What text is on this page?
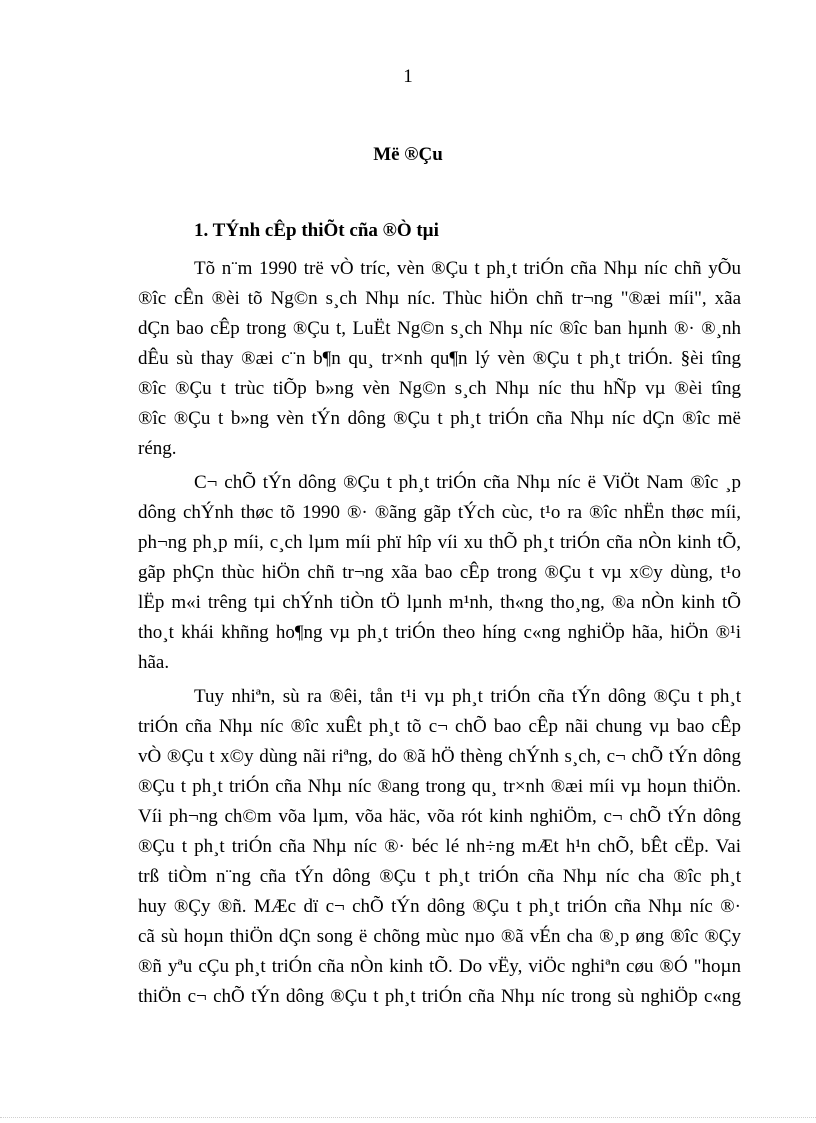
1
Më ®Çu
1. TÝnh cÊp thiÕt cña ®Ò tµi
Tõ n¨m 1990 trë vÒ tríc, vèn ®Çu t ph¸t triÓn cña Nhµ níc chñ yÕu
®îc cÊn ®èi tõ Ng©n s¸ch Nhµ níc. Thùc hiÖn chñ tr¬ng "®æi míi", xãa
dÇn bao cÊp trong ®Çu t, LuËt Ng©n s¸ch Nhµ níc ®îc ban hµnh ®· ®¸nh
dÊu sù thay ®æi c¨n b¶n qu¸ tr×nh qu¶n lý vèn ®Çu t ph¸t triÓn. §èi tîng
®îc ®Çu t trùc tiÕp b»ng vèn Ng©n s¸ch Nhµ níc thu hÑp vµ ®èi tîng
®îc ®Çu t b»ng vèn tÝn dông ®Çu t ph¸t triÓn cña Nhµ níc dÇn ®îc më
réng.
C¬ chÕ tÝn dông ®Çu t ph¸t triÓn cña Nhµ níc ë ViÖt Nam ®îc ¸p
dông chÝnh thøc tõ 1990 ®· ®ãng gãp tÝch cùc, t¹o ra ®îc nhËn thøc míi,
ph¬ng ph¸p míi, c¸ch lµm míi phï hîp víi xu thÕ ph¸t triÓn cña nÒn kinh tÕ,
gãp phÇn thùc hiÖn chñ tr¬ng xãa bao cÊp trong ®Çu t vµ x©y dùng, t¹o
lËp m«i trêng tµi chÝnh tiÒn tÖ lµnh m¹nh, th«ng tho¸ng, ®a nÒn kinh tÕ
tho¸t khái khñng ho¶ng vµ ph¸t triÓn theo híng c«ng nghiÖp hãa, hiÖn ®¹i
hãa.
Tuy nhiªn, sù ra ®êi, tån t¹i vµ ph¸t triÓn cña tÝn dông ®Çu t ph¸t
triÓn cña Nhµ níc ®îc xuÊt ph¸t tõ c¬ chÕ bao cÊp nãi chung vµ bao cÊp
vÒ ®Çu t x©y dùng nãi riªng, do ®ã hÖ thèng chÝnh s¸ch, c¬ chÕ tÝn dông
®Çu t ph¸t triÓn cña Nhµ níc ®ang trong qu¸ tr×nh ®æi míi vµ hoµn thiÖn.
Víi ph¬ng ch©m võa lµm, võa häc, võa rót kinh nghiÖm, c¬ chÕ tÝn dông
®Çu t ph¸t triÓn cña Nhµ níc ®· béc lé nh÷ng mÆt h¹n chÕ, bÊt cËp. Vai
trß tiÒm n¨ng cña tÝn dông ®Çu t ph¸t triÓn cña Nhµ níc cha ®îc ph¸t
huy ®Çy ®ñ. MÆc dï c¬ chÕ tÝn dông ®Çu t ph¸t triÓn cña Nhµ níc ®·
cã sù hoµn thiÖn dÇn song ë chõng mùc nµo ®ã vÉn cha ®¸p øng ®îc ®Çy
®ñ yªu cÇu ph¸t triÓn cña nÒn kinh tÕ. Do vËy, viÖc nghiªn cøu ®Ó "hoµn
thiÖn c¬ chÕ tÝn dông ®Çu t ph¸t triÓn cña Nhµ níc trong sù nghiÖp c«ng
